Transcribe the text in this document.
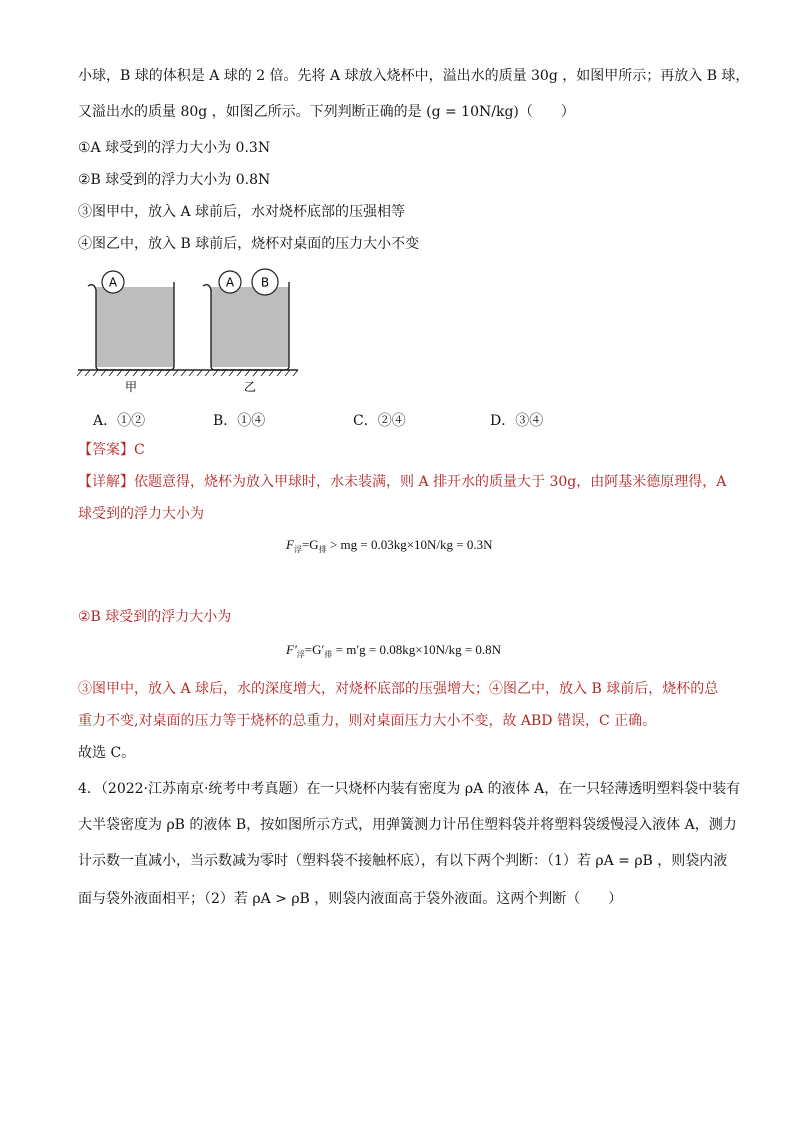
小球，B 球的体积是 A 球的 2 倍。先将 A 球放入烧杯中，溢出水的质量 30g ，如图甲所示；再放入 B 球，
又溢出水的质量 80g ，如图乙所示。下列判断正确的是 (g = 10N/kg)（　　）
①A 球受到的浮力大小为 0.3N
②B 球受到的浮力大小为 0.8N
③图甲中，放入 A 球前后，水对烧杯底部的压强相等
④图乙中，放入 B 球前后，烧杯对桌面的压力大小不变
A	A B
甲	乙
A．①②	B．①④	C．②④	D．③④
【答案】C
【详解】依题意得，烧杯为放入甲球时，水未装满，则 A 排开水的质量大于 30g，由阿基米德原理得，A
球受到的浮力大小为
$F_浮=G_排$ > mg = 0.03kg×10N/kg = 0.3N
②B 球受到的浮力大小为
$F'_浮=G'_排 = m'g = 0.08kg\times 10N/kg = 0.8N$
③图甲中，放入 A 球后，水的深度增大，对烧杯底部的压强增大；④图乙中，放入 B 球前后，烧杯的总
重力不变,对桌面的压力等于烧杯的总重力，则对桌面压力大小不变，故 ABD 错误，C 正确。
故选 C。
4．（2022·江苏南京·统考中考真题）在一只烧杯内装有密度为 ρA 的液体 A，在一只轻薄透明塑料袋中装有
大半袋密度为 ρB 的液体 B，按如图所示方式，用弹簧测力计吊住塑料袋并将塑料袋缓慢浸入液体 A，测力
计示数一直减小，当示数减为零时（塑料袋不接触杯底），有以下两个判断：（1）若 ρA = ρB ，则袋内液
面与袋外液面相平；（2）若 ρA > ρB ，则袋内液面高于袋外液面。这两个判断（　　）
